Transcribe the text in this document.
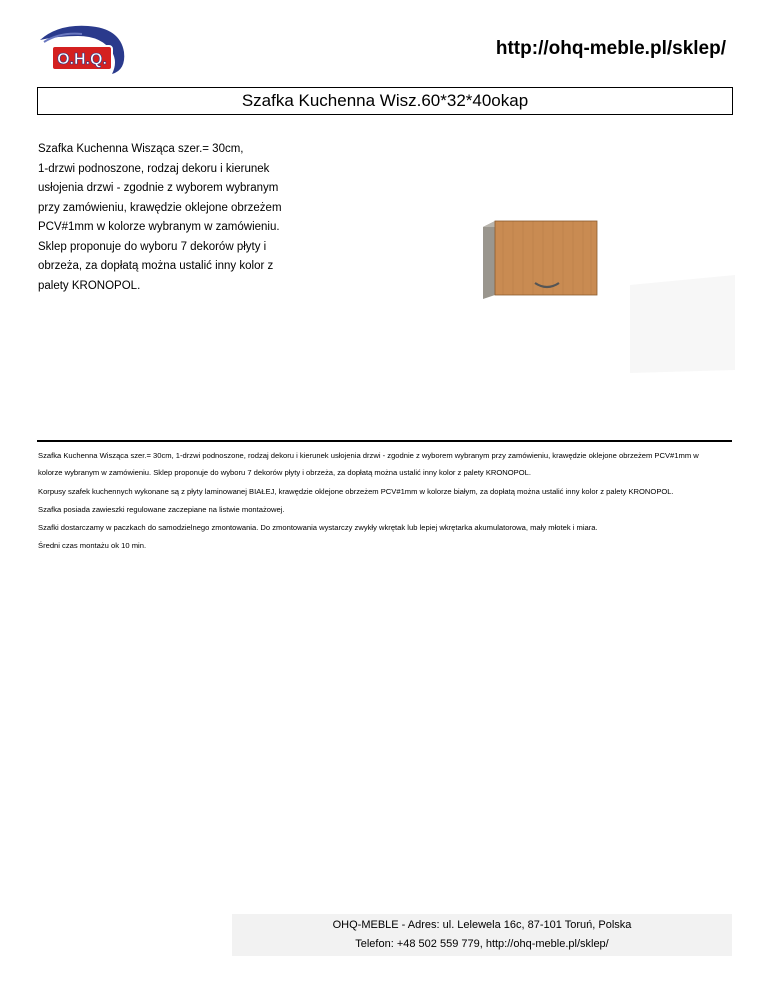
O.H.Q.
http://ohq-meble.pl/sklep/
Szafka Kuchenna Wisz.60*32*40okap
Szafka Kuchenna Wisząca szer.= 30cm,
1-drzwi podnoszone, rodzaj dekoru i kierunek
usłojenia drzwi - zgodnie z wyborem wybranym
przy zamówieniu, krawędzie oklejone obrzeżem
PCV#1mm w kolorze wybranym w zamówieniu.
Sklep proponuje do wyboru 7 dekorów płyty i
obrzeża, za dopłatą można ustalić inny kolor z
palety KRONOPOL.

Szafka Kuchenna Wisząca szer.= 30cm, 1-drzwi podnoszone, rodzaj dekoru i kierunek usłojenia drzwi - zgodnie z wyborem wybranym przy zamówieniu, krawędzie oklejone obrzeżem PCV#1mm w kolorze wybranym w zamówieniu. Sklep proponuje do wyboru 7 dekorów płyty i obrzeża, za dopłatą można ustalić inny kolor z palety KRONOPOL.

Korpusy szafek kuchennych wykonane są z płyty laminowanej BIAŁEJ, krawędzie oklejone obrzeżem PCV#1mm w kolorze białym, za dopłatą można ustalić inny kolor z palety KRONOPOL.

Szafka posiada zawieszki regulowane zaczepiane na listwie montażowej.

Szafki dostarczamy w paczkach do samodzielnego zmontowania. Do zmontowania wystarczy zwykły wkrętak lub lepiej wkrętarka akumulatorowa, mały młotek i miara.

Średni czas montażu ok 10 min.

OHQ-MEBLE - Adres: ul. Lelewela 16c, 87-101 Toruń, Polska
Telefon: +48 502 559 779, http://ohq-meble.pl/sklep/
